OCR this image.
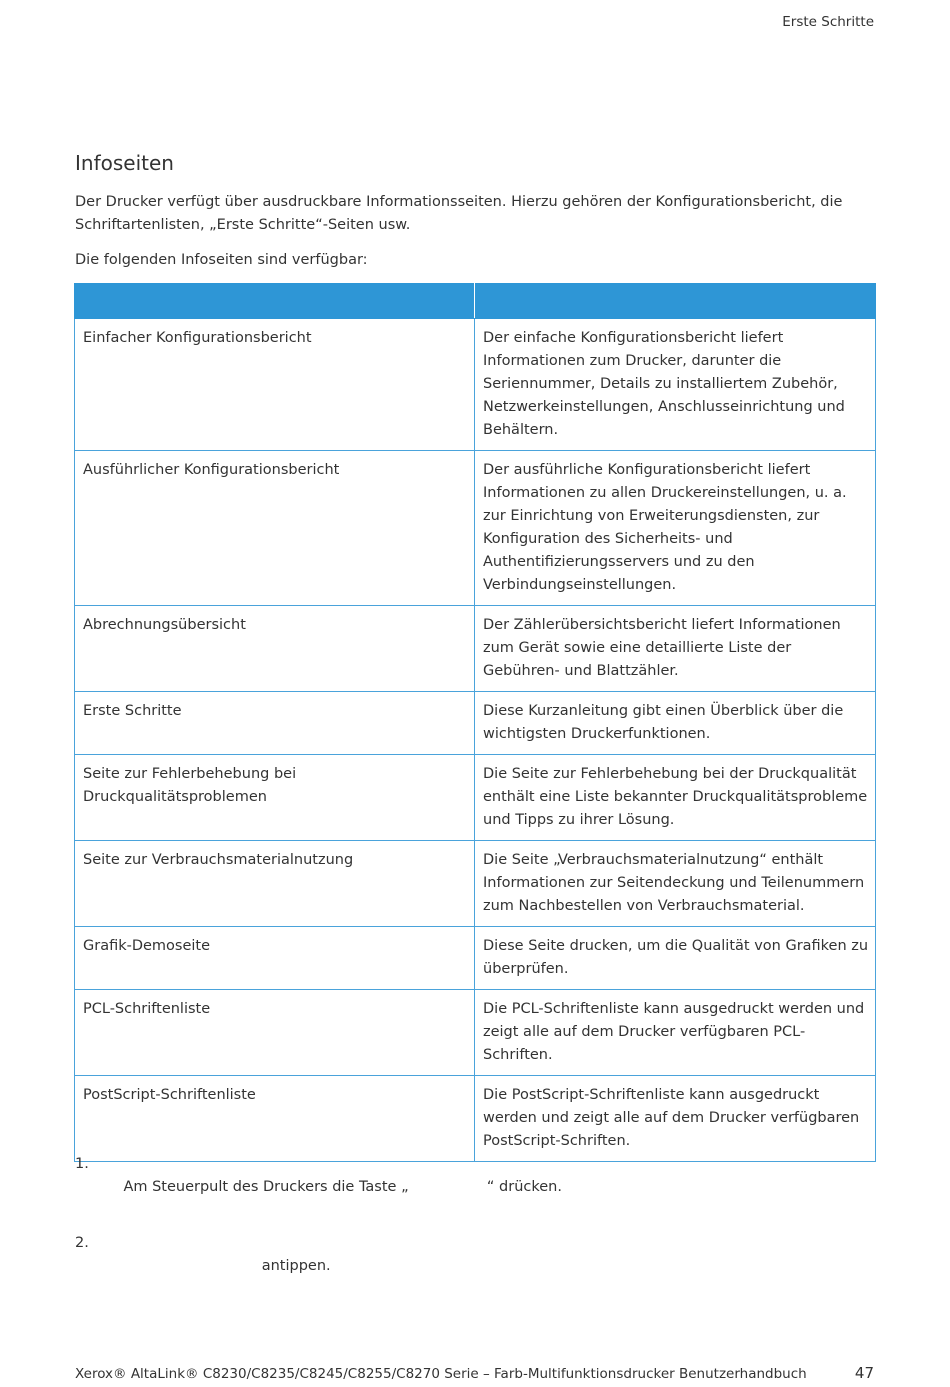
Erste Schritte
Infoseiten

Der Drucker verfügt über ausdruckbare Informationsseiten. Hierzu gehören der Konfigurationsbericht, die Schriftartenlisten, „Erste Schritte“-Seiten usw.

Die folgenden Infoseiten sind verfügbar:

Einfacher Konfigurationsbericht	Der einfache Konfigurationsbericht liefert Informationen zum Drucker, darunter die Seriennummer, Details zu installiertem Zubehör, Netzwerkeinstellungen, Anschlusseinrichtung und Behältern.
Ausführlicher Konfigurationsbericht	Der ausführliche Konfigurationsbericht liefert Informationen zu allen Druckereinstellungen, u. a. zur Einrichtung von Erweiterungsdiensten, zur Konfiguration des Sicherheits- und Authentifizierungsservers und zu den Verbindungseinstellungen.
Abrechnungsübersicht	Der Zählerübersichtsbericht liefert Informationen zum Gerät sowie eine detaillierte Liste der Gebühren- und Blattzähler.
Erste Schritte	Diese Kurzanleitung gibt einen Überblick über die wichtigsten Druckerfunktionen.
Seite zur Fehlerbehebung bei Druckqualitätsproblemen	Die Seite zur Fehlerbehebung bei der Druckqualität enthält eine Liste bekannter Druckqualitätsprobleme und Tipps zu ihrer Lösung.
Seite zur Verbrauchsmaterialnutzung	Die Seite „Verbrauchsmaterialnutzung“ enthält Informationen zur Seitendeckung und Teilenummern zum Nachbestellen von Verbrauchsmaterial.
Grafik-Demoseite	Diese Seite drucken, um die Qualität von Grafiken zu überprüfen.
PCL-Schriftenliste	Die PCL-Schriftenliste kann ausgedruckt werden und zeigt alle auf dem Drucker verfügbaren PCL-Schriften.
PostScript-Schriftenliste	Die PostScript-Schriftenliste kann ausgedruckt werden und zeigt alle auf dem Drucker verfügbaren PostScript-Schriften.

1.
Am Steuerpult des Druckers die Taste „                 “ drücken.

2.
antippen.

Xerox® AltaLink® C8230/C8235/C8245/C8255/C8270 Serie – Farb-Multifunktionsdrucker Benutzerhandbuch	47
